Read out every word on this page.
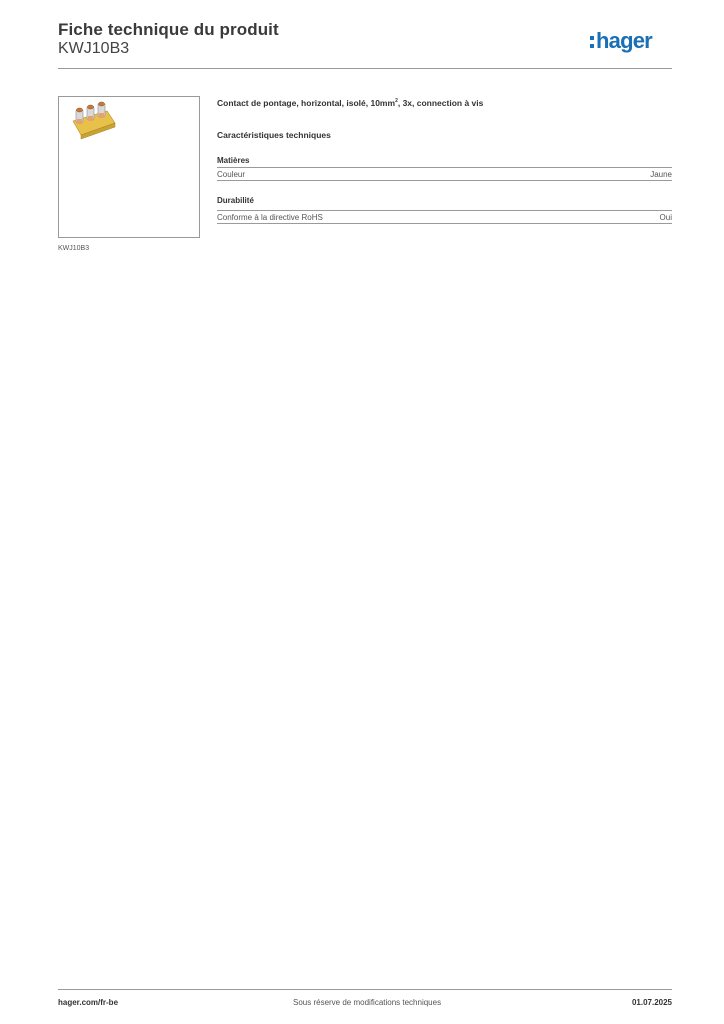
Fiche technique du produit
KWJ10B3	hager
KWJ10B3
Contact de pontage, horizontal, isolé, $10mm^2$, 3x, connection à vis
Caractéristiques techniques
Matières
Couleur	Jaune
Durabilité
Conforme à la directive RoHS	Oui
hager.com/fr-be	Sous réserve de modifications techniques	01.07.2025
